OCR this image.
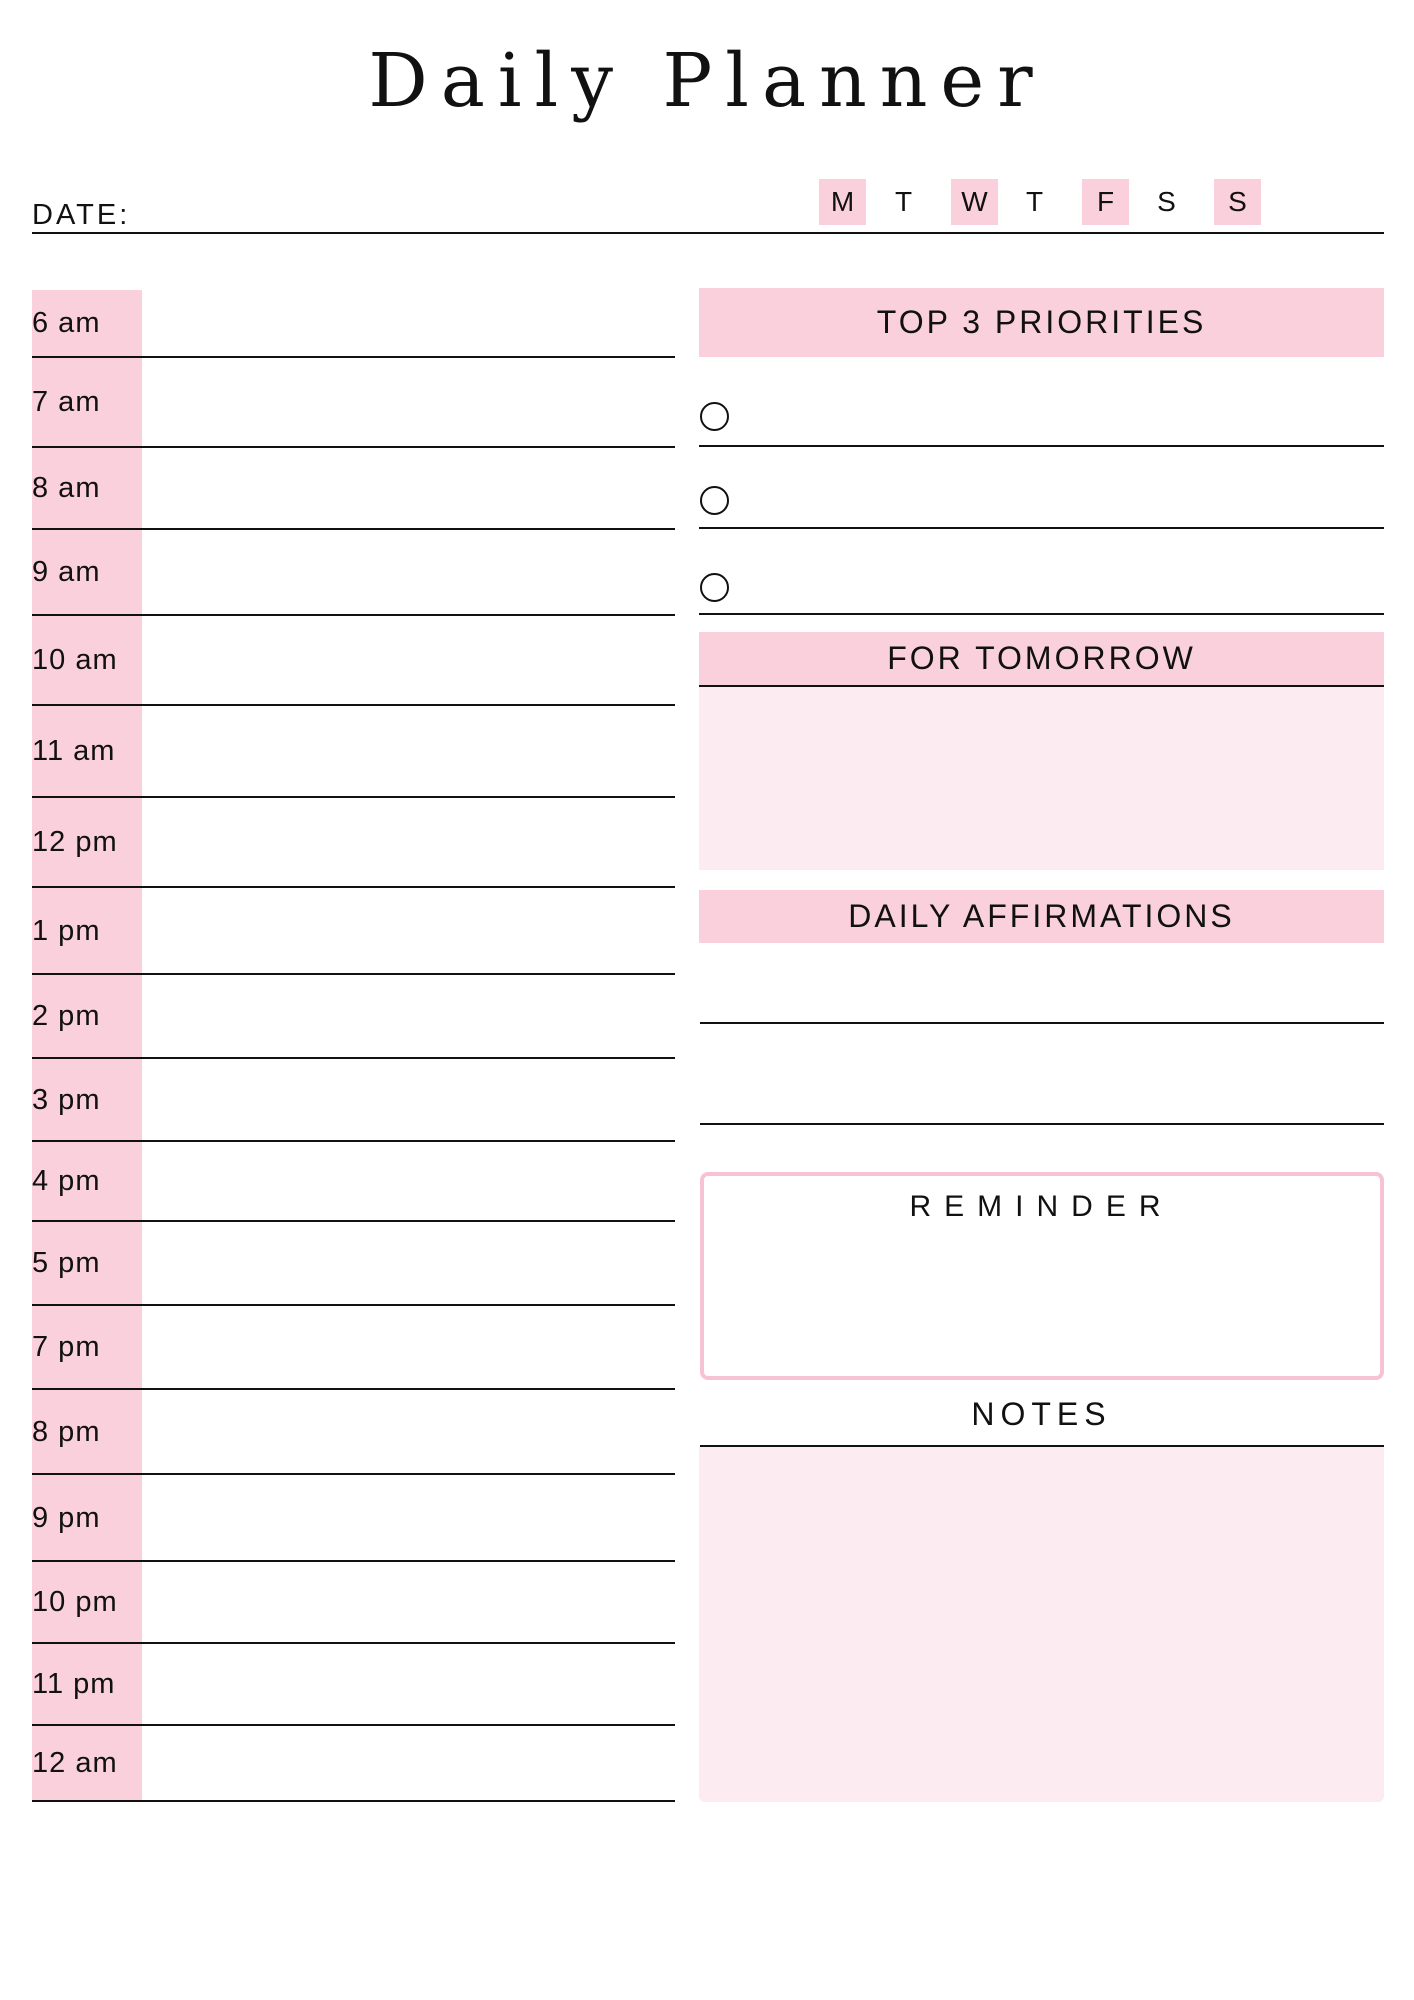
Daily Planner
DATE:	M	T	W	T	F	S	S
6 am
7 am
8 am
9 am
10 am
11 am
12 pm
1 pm
2 pm
3 pm
4 pm
5 pm
7 pm
8 pm
9 pm
10 pm
11 pm
12 am
TOP 3 PRIORITIES
FOR TOMORROW
DAILY AFFIRMATIONS
REMINDER
NOTES
